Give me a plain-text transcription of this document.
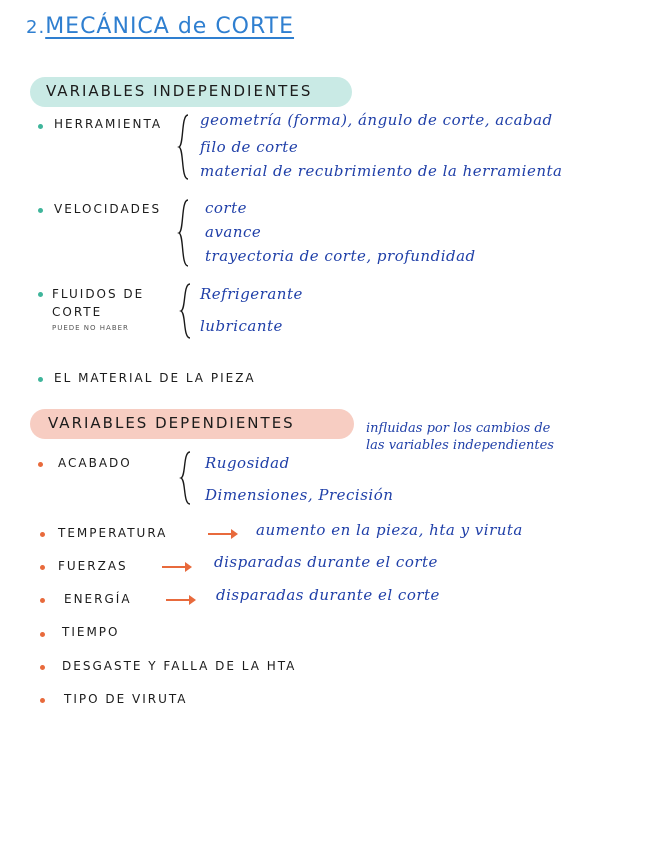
2.MECÁNICA de CORTE
VARIABLES INDEPENDIENTES
HERRAMIENTA	geometría (forma), ángulo de corte, acabad
filo de corte
material de recubrimiento de la herramienta
VELOCIDADES	corte
avance
trayectoria de corte, profundidad
FLUIDOS DE
CORTE
PUEDE NO HABER
Refrigerante
lubricante
EL MATERIAL DE LA PIEZA
VARIABLES DEPENDIENTES	influidas por los cambios de
las variables independientes
ACABADO	Rugosidad
Dimensiones, Precisión
TEMPERATURA	aumento en la pieza, hta y viruta
FUERZAS	disparadas durante el corte
ENERGÍA	disparadas durante el corte
TIEMPO
DESGASTE Y FALLA DE LA HTA
TIPO DE VIRUTA
